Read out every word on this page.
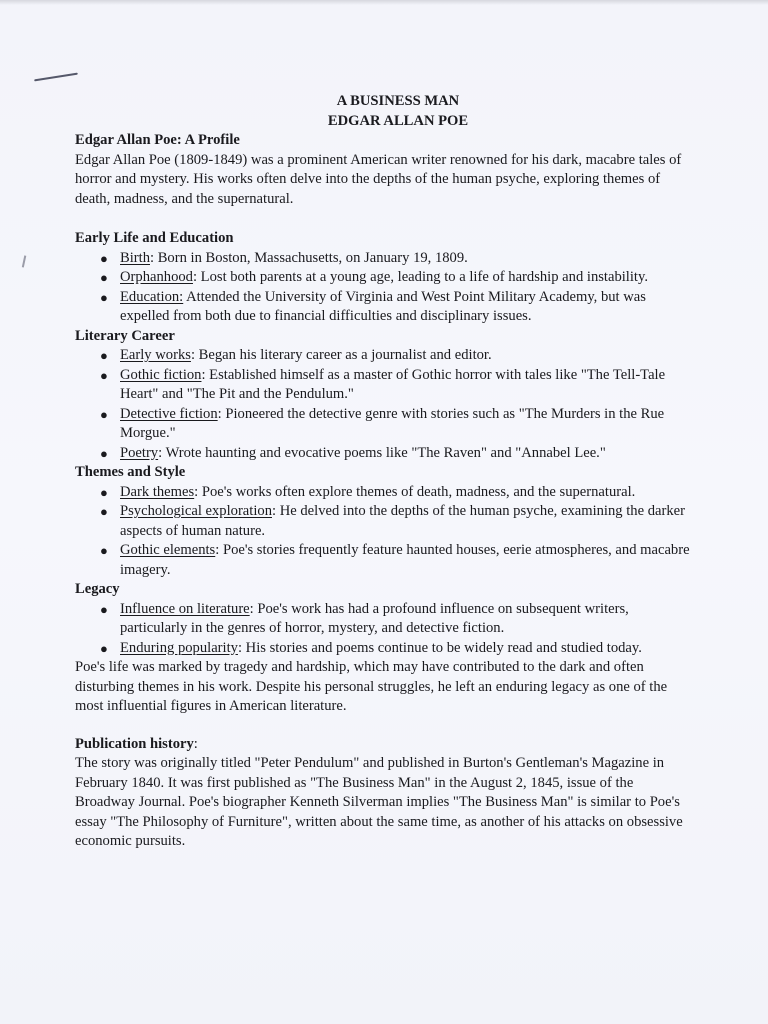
A BUSINESS MAN

EDGAR ALLAN POE

Edgar Allan Poe: A Profile

Edgar Allan Poe (1809-1849) was a prominent American writer renowned for his dark, macabre tales of horror and mystery. His works often delve into the depths of the human psyche, exploring themes of death, madness, and the supernatural.

Early Life and Education

● Birth: Born in Boston, Massachusetts, on January 19, 1809.
● Orphanhood: Lost both parents at a young age, leading to a life of hardship and instability.
● Education: Attended the University of Virginia and West Point Military Academy, but was expelled from both due to financial difficulties and disciplinary issues.

Literary Career

● Early works: Began his literary career as a journalist and editor.
● Gothic fiction: Established himself as a master of Gothic horror with tales like "The Tell-Tale Heart" and "The Pit and the Pendulum."
● Detective fiction: Pioneered the detective genre with stories such as "The Murders in the Rue Morgue."
● Poetry: Wrote haunting and evocative poems like "The Raven" and "Annabel Lee."

Themes and Style

● Dark themes: Poe's works often explore themes of death, madness, and the supernatural.
● Psychological exploration: He delved into the depths of the human psyche, examining the darker aspects of human nature.
● Gothic elements: Poe's stories frequently feature haunted houses, eerie atmospheres, and macabre imagery.

Legacy

● Influence on literature: Poe's work has had a profound influence on subsequent writers, particularly in the genres of horror, mystery, and detective fiction.
● Enduring popularity: His stories and poems continue to be widely read and studied today.

Poe's life was marked by tragedy and hardship, which may have contributed to the dark and often disturbing themes in his work. Despite his personal struggles, he left an enduring legacy as one of the most influential figures in American literature.

Publication history:

The story was originally titled "Peter Pendulum" and published in Burton's Gentleman's Magazine in February 1840. It was first published as "The Business Man" in the August 2, 1845, issue of the Broadway Journal. Poe's biographer Kenneth Silverman implies "The Business Man" is similar to Poe's essay "The Philosophy of Furniture", written about the same time, as another of his attacks on obsessive economic pursuits.
